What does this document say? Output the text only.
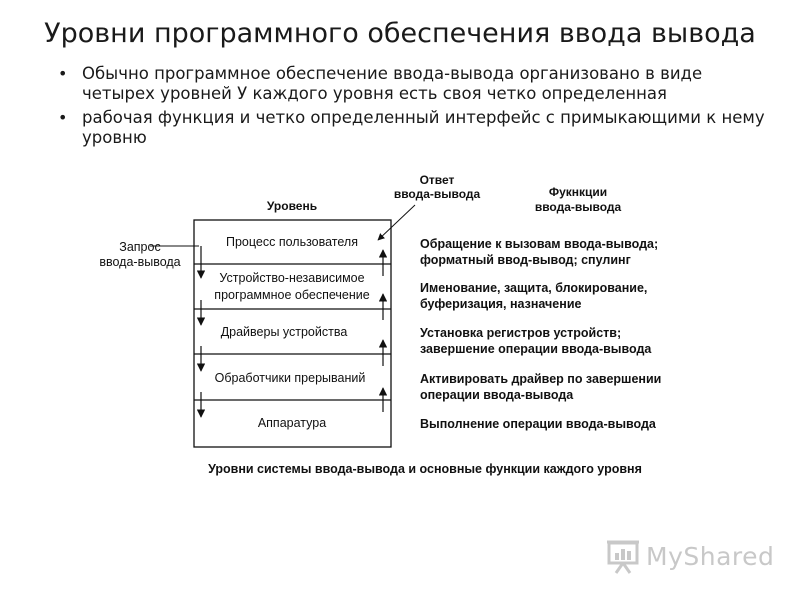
Уровни программного обеспечения ввода вывода
• Обычно программное обеспечение ввода-вывода организовано в виде четырех уровней У каждого уровня есть своя четко определенная
• рабочая функция и четко определенный интерфейс с примыкающими к нему уровню
Уровень
Ответ
ввода-вывода	Фукнкции
ввода-вывода
Запрос
ввода-вывода
Процесс пользователя
Устройство-независимое
программное обеспечение
Драйверы устройства
Обработчики прерываний
Аппаратура
Обращение к вызовам ввода-вывода;
форматный ввод-вывод; спулинг
Именование, защита, блокирование,
буферизация, назначение
Установка регистров устройств;
завершение операции ввода-вывода
Активировать драйвер по завершении
операции ввода-вывода
Выполнение операции ввода-вывода
Уровни системы ввода-вывода и основные функции каждого уровня
MyShared
